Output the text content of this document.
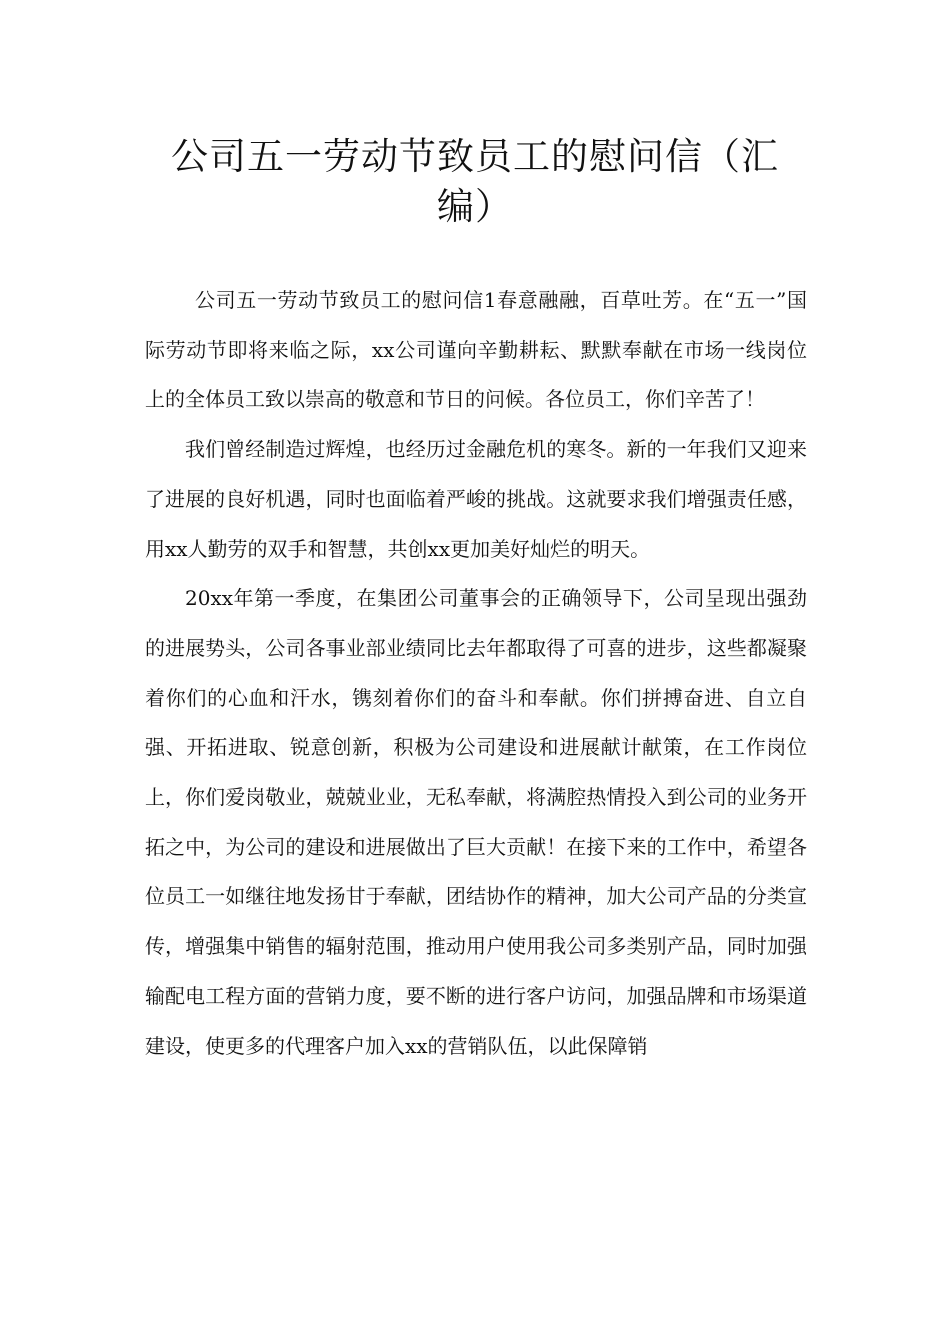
公司五一劳动节致员工的慰问信（汇编）

公司五一劳动节致员工的慰问信1春意融融，百草吐芳。在“五一”国际劳动节即将来临之际，xx公司谨向辛勤耕耘、默默奉献在市场一线岗位上的全体员工致以崇高的敬意和节日的问候。各位员工，你们辛苦了！

我们曾经制造过辉煌，也经历过金融危机的寒冬。新的一年我们又迎来了进展的良好机遇，同时也面临着严峻的挑战。这就要求我们增强责任感，用xx人勤劳的双手和智慧，共创xx更加美好灿烂的明天。

20xx年第一季度，在集团公司董事会的正确领导下，公司呈现出强劲的进展势头，公司各事业部业绩同比去年都取得了可喜的进步，这些都凝聚着你们的心血和汗水，镌刻着你们的奋斗和奉献。你们拼搏奋进、自立自强、开拓进取、锐意创新，积极为公司建设和进展献计献策，在工作岗位上，你们爱岗敬业，兢兢业业，无私奉献，将满腔热情投入到公司的业务开拓之中，为公司的建设和进展做出了巨大贡献！在接下来的工作中，希望各位员工一如继往地发扬甘于奉献，团结协作的精神，加大公司产品的分类宣传，增强集中销售的辐射范围，推动用户使用我公司多类别产品，同时加强输配电工程方面的营销力度，要不断的进行客户访问，加强品牌和市场渠道建设，使更多的代理客户加入xx的营销队伍，以此保障销
